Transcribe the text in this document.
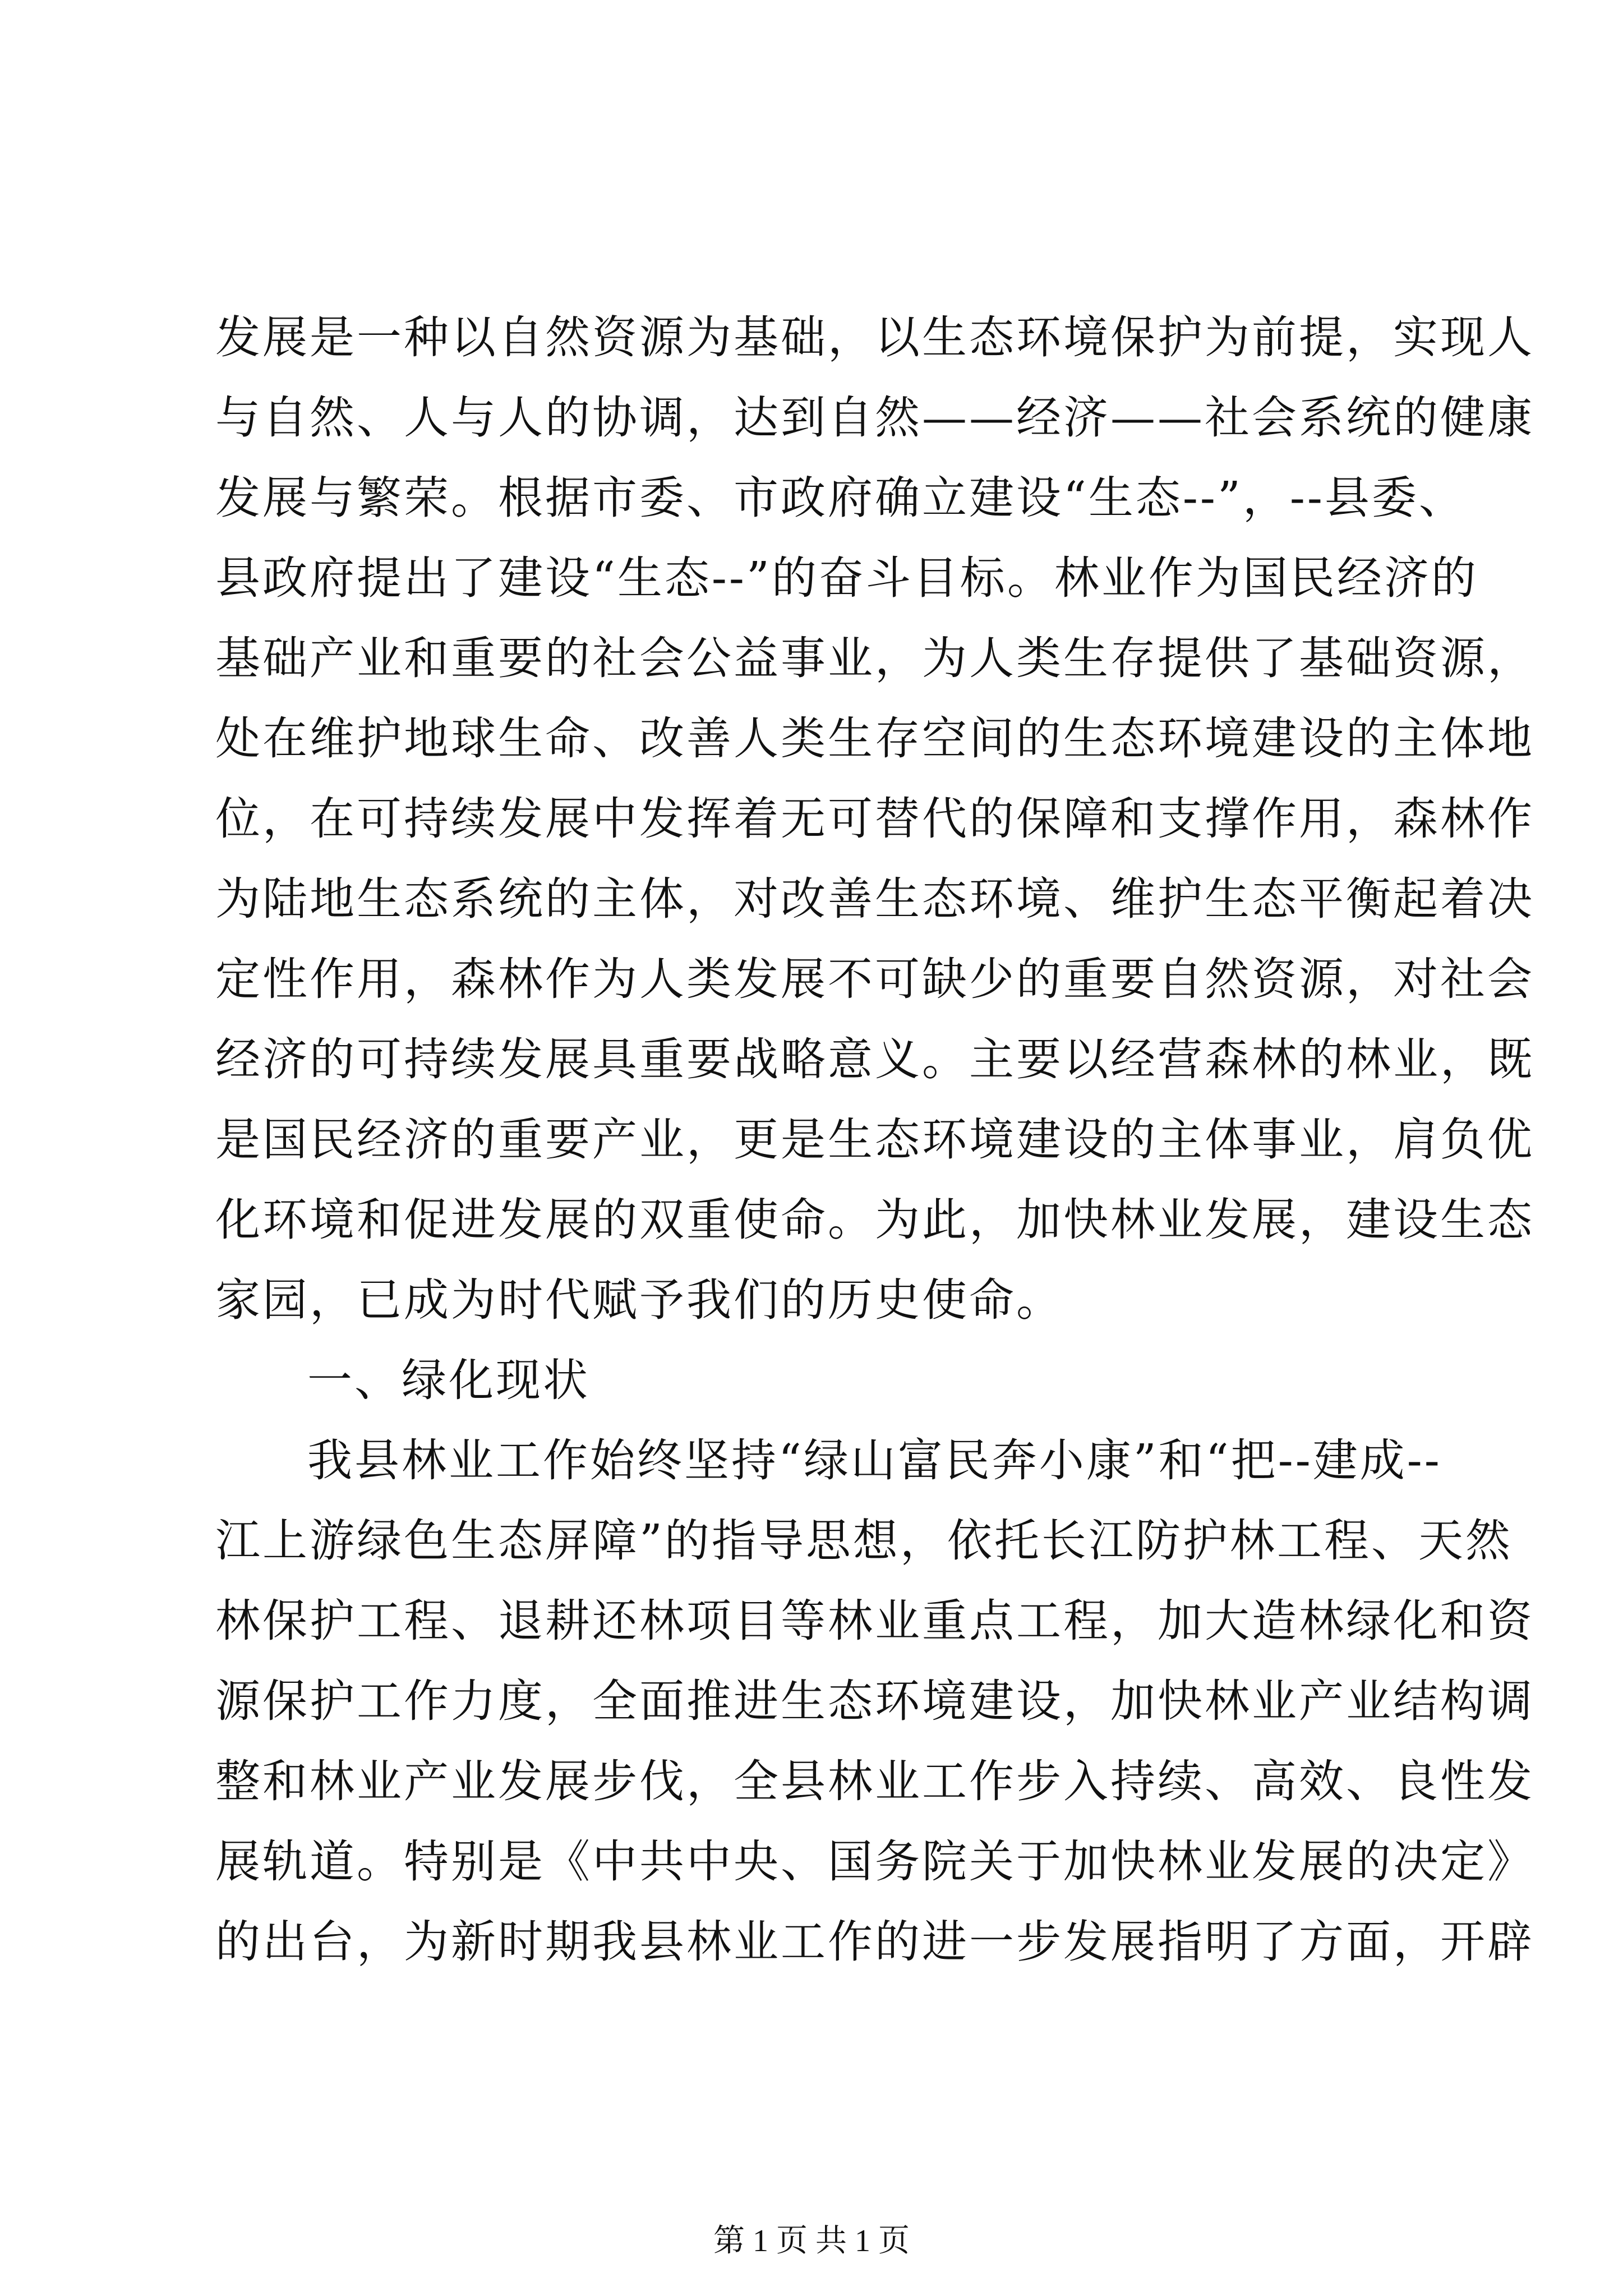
发展是一种以自然资源为基础，以生态环境保护为前提，实现人
与自然、人与人的协调，达到自然——经济——社会系统的健康
发展与繁荣。根据市委、市政府确立建设“生态--”，--县委、
县政府提出了建设“生态--”的奋斗目标。林业作为国民经济的
基础产业和重要的社会公益事业，为人类生存提供了基础资源，
处在维护地球生命、改善人类生存空间的生态环境建设的主体地
位，在可持续发展中发挥着无可替代的保障和支撑作用，森林作
为陆地生态系统的主体，对改善生态环境、维护生态平衡起着决
定性作用，森林作为人类发展不可缺少的重要自然资源，对社会
经济的可持续发展具重要战略意义。主要以经营森林的林业，既
是国民经济的重要产业，更是生态环境建设的主体事业，肩负优
化环境和促进发展的双重使命。为此，加快林业发展，建设生态
家园，已成为时代赋予我们的历史使命。
一、绿化现状
我县林业工作始终坚持“绿山富民奔小康”和“把--建成--
江上游绿色生态屏障”的指导思想，依托长江防护林工程、天然
林保护工程、退耕还林项目等林业重点工程，加大造林绿化和资
源保护工作力度，全面推进生态环境建设，加快林业产业结构调
整和林业产业发展步伐，全县林业工作步入持续、高效、良性发
展轨道。特别是《中共中央、国务院关于加快林业发展的决定》
的出台，为新时期我县林业工作的进一步发展指明了方面，开辟
第 1 页 共 1 页
